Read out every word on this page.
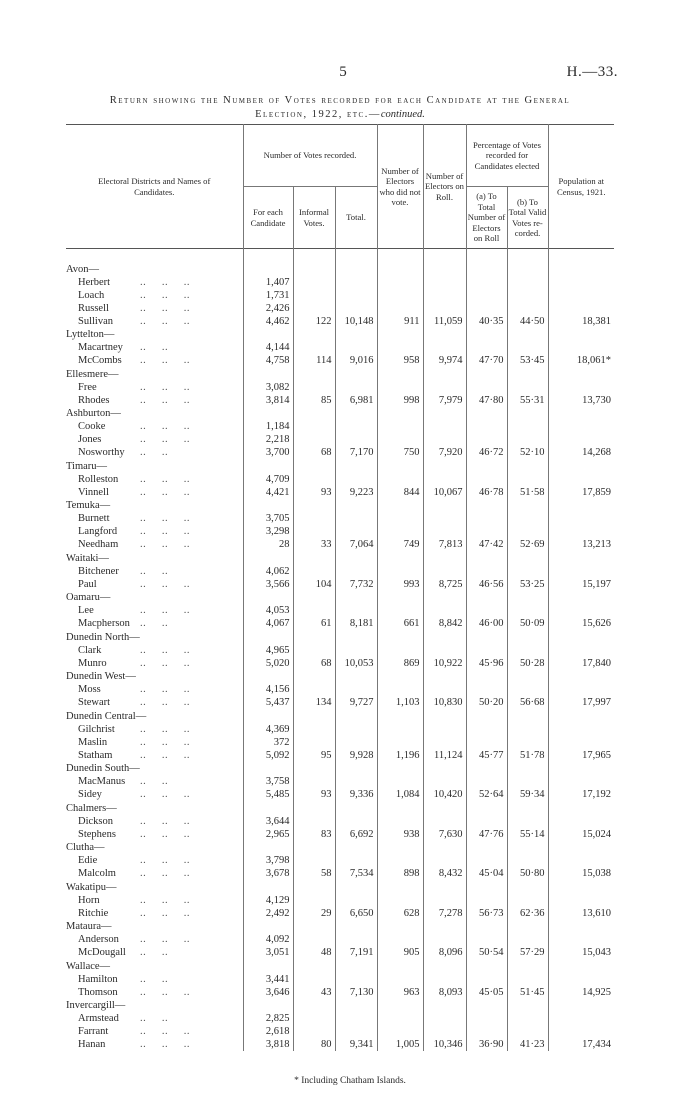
5	H.—33.
Return showing the Number of Votes recorded for each Candidate at the General
Election, 1922, etc.—continued.
Electoral Districts and Names of Candidates.	Number of Votes recorded.			Number of Electors who did not vote.	Number of Electors on Roll.	Percentage of Votes recorded for Candidates elected		Population at Census, 1921.
	For each Candidate	Informal Votes.	Total.			(a) To Total Number of Electors on Roll	(b) To Total Valid Votes re-corded.	

Avon—								
Herbert ..     ..     ..	1,407							
Loach ..     ..     ..	1,731							
Russell ..     ..     ..	2,426							
Sullivan ..     ..     ..	4,462	122	10,148	911	11,059	40·35	44·50	18,381
Lyttelton—								
Macartney ..     ..	4,144							
McCombs ..     ..     ..	4,758	114	9,016	958	9,974	47·70	53·45	18,061*
Ellesmere—								
Free ..     ..     ..	3,082							
Rhodes ..     ..     ..	3,814	85	6,981	998	7,979	47·80	55·31	13,730
Ashburton—								
Cooke ..     ..     ..	1,184							
Jones ..     ..     ..	2,218							
Nosworthy ..     ..	3,700	68	7,170	750	7,920	46·72	52·10	14,268
Timaru—								
Rolleston ..     ..     ..	4,709							
Vinnell ..     ..     ..	4,421	93	9,223	844	10,067	46·78	51·58	17,859
Temuka—								
Burnett ..     ..     ..	3,705							
Langford ..     ..     ..	3,298							
Needham ..     ..     ..	28	33	7,064	749	7,813	47·42	52·69	13,213
Waitaki—								
Bitchener ..     ..	4,062							
Paul ..     ..     ..	3,566	104	7,732	993	8,725	46·56	53·25	15,197
Oamaru—								
Lee ..     ..     ..	4,053							
Macpherson ..     ..	4,067	61	8,181	661	8,842	46·00	50·09	15,626
Dunedin North—								
Clark ..     ..     ..	4,965							
Munro ..     ..     ..	5,020	68	10,053	869	10,922	45·96	50·28	17,840
Dunedin West—								
Moss ..     ..     ..	4,156							
Stewart ..     ..     ..	5,437	134	9,727	1,103	10,830	50·20	56·68	17,997
Dunedin Central—								
Gilchrist ..     ..     ..	4,369							
Maslin ..     ..     ..	372							
Statham ..     ..     ..	5,092	95	9,928	1,196	11,124	45·77	51·78	17,965
Dunedin South—								
MacManus ..     ..	3,758							
Sidey ..     ..     ..	5,485	93	9,336	1,084	10,420	52·64	59·34	17,192
Chalmers—								
Dickson ..     ..     ..	3,644							
Stephens ..     ..     ..	2,965	83	6,692	938	7,630	47·76	55·14	15,024
Clutha—								
Edie ..     ..     ..	3,798							
Malcolm ..     ..     ..	3,678	58	7,534	898	8,432	45·04	50·80	15,038
Wakatipu—								
Horn ..     ..     ..	4,129							
Ritchie ..     ..     ..	2,492	29	6,650	628	7,278	56·73	62·36	13,610
Mataura—								
Anderson ..     ..     ..	4,092							
McDougall ..     ..	3,051	48	7,191	905	8,096	50·54	57·29	15,043
Wallace—								
Hamilton ..     ..	3,441							
Thomson ..     ..     ..	3,646	43	7,130	963	8,093	45·05	51·45	14,925
Invercargill—								
Armstead ..     ..	2,825							
Farrant ..     ..     ..	2,618							
Hanan ..     ..     ..	3,818	80	9,341	1,005	10,346	36·90	41·23	17,434
* Including Chatham Islands.
